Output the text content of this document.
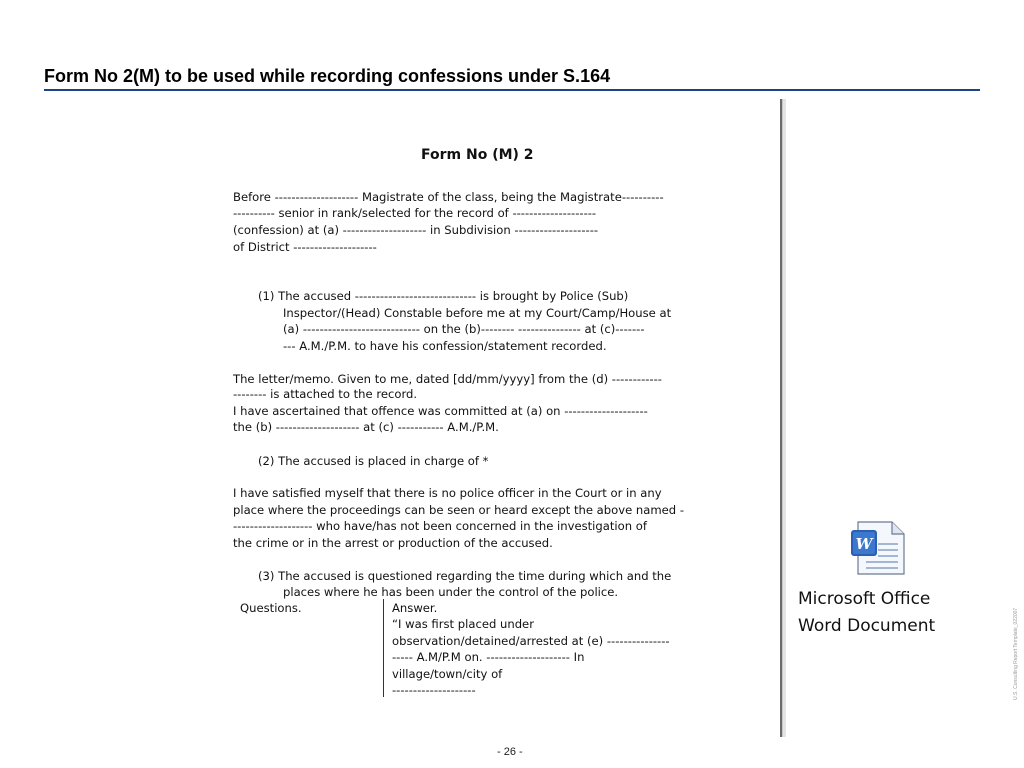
Form No 2(M) to be used while recording confessions under S.164
Form No (M) 2
Before -------------------- Magistrate of the class, being the Magistrate----------
---------- senior in rank/selected for the record of --------------------
(confession) at (a) -------------------- in Subdivision --------------------
of District --------------------
(1) The accused ----------------------------- is brought by Police (Sub)
Inspector/(Head) Constable before me at my Court/Camp/House at
(a) ---------------------------- on the (b)-------- --------------- at (c)-------
--- A.M./P.M. to have his confession/statement recorded.
The letter/memo. Given to me, dated [dd/mm/yyyy] from the (d) ------------
-------- is attached to the record.
I have ascertained that offence was committed at (a) on --------------------
the (b) -------------------- at (c) ----------- A.M./P.M.
(2) The accused is placed in charge of *
I have satisfied myself that there is no police officer in the Court or in any
place where the proceedings can be seen or heard except the above named -
------------------- who have/has not been concerned in the investigation of
the crime or in the arrest or production of the accused.
(3) The accused is questioned regarding the time during which and the
places where he has been under the control of the police.
Questions.	Answer.
“I was first placed under
observation/detained/arrested at (e) ---------------
----- A.M/P.M on. -------------------- In
village/town/city of
--------------------
W
Microsoft Office
Word Document
- 26 -
U.S. Consulting Report Template_022007
